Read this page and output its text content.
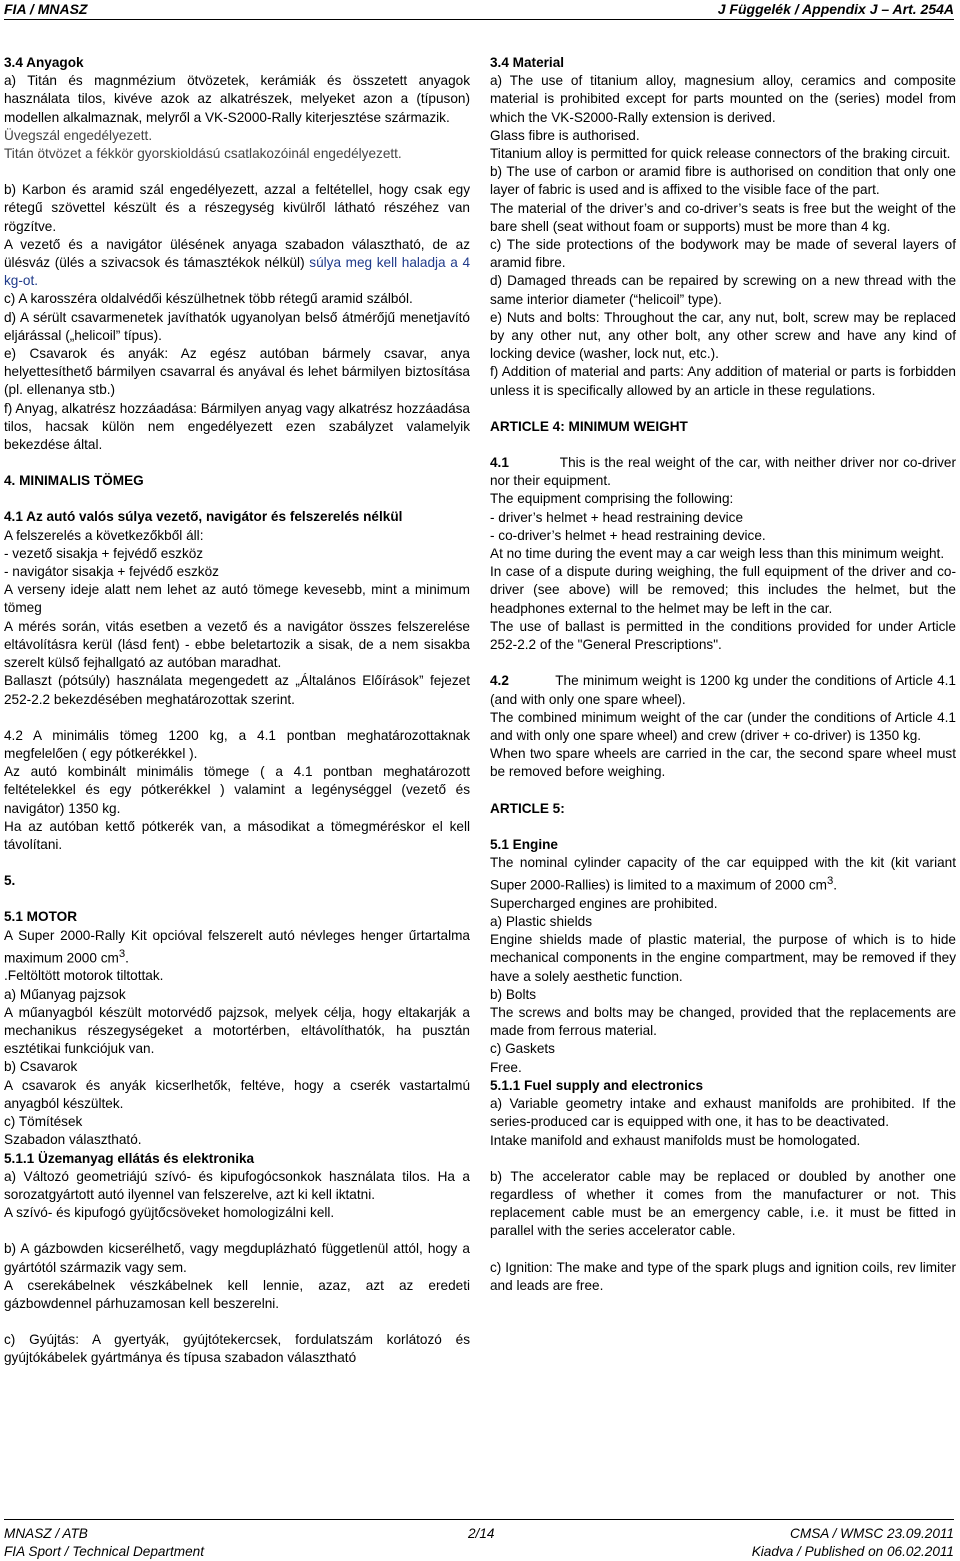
FIA / MNASZ	J Függelék / Appendix J – Art. 254A

3.4 Anyagok

a) Titán és magnmézium ötvözetek, kerámiák és összetett anyagok használata tilos, kivéve azok az alkatrészek, melyeket azon a (típuson) modellen alkalmaznak, melyről a VK-S2000-Rally kiterjesztése származik.

Üvegszál engedélyezett.

Titán ötvözet a fékkör gyorskioldású csatlakozóinál engedélyezett.

b) Karbon és aramid szál engedélyezett, azzal a feltétellel, hogy csak egy rétegű szövettel készült és a részegység kivülről látható részéhez van rögzítve.

A vezető és a navigátor ülésének anyaga szabadon választható, de az ülésváz (ülés a szivacsok és támasztékok nélkül) súlya meg kell haladja a 4 kg-ot.

c) A karosszéra oldalvédői készülhetnek több rétegű aramid szálból.

d) A sérült csavarmenetek javíthatók ugyanolyan belső átmérőjű menetjavító eljárással („helicoil” típus).

e) Csavarok és anyák: Az egész autóban bármely csavar, anya helyettesíthető bármilyen csavarral és anyával és lehet bármilyen biztosítása (pl. ellenanya stb.)

f) Anyag, alkatrész hozzáadása: Bármilyen anyag vagy alkatrész hozzáadása tilos, hacsak külön nem engedélyezett ezen szabályzet valamelyik bekezdése által.

4. MINIMALIS TÖMEG

4.1 Az autó valós súlya vezető, navigátor és felszerelés nélkül

A felszerelés a következőkből áll:

- vezető sisakja + fejvédő eszköz

- navigátor sisakja + fejvédő eszköz

A verseny ideje alatt nem lehet az autó tömege kevesebb, mint a minimum tömeg

A mérés során, vitás esetben a vezető és a navigátor összes felszerelése eltávolításra kerül (lásd fent) - ebbe beletartozik a sisak, de a nem sisakba szerelt külső fejhallgató az autóban maradhat.

Ballaszt (pótsúly) használata megengedett az „Általános Előírások” fejezet 252-2.2 bekezdésében meghatározottak szerint.

4.2 A minimális tömeg 1200 kg, a 4.1 pontban meghatározottaknak megfelelően ( egy pótkerékkel ).

Az autó kombinált minimális tömege ( a 4.1 pontban meghatározott feltételekkel és egy pótkerékkel ) valamint a legénységgel (vezető és navigátor) 1350 kg.

Ha az autóban kettő pótkerék van, a másodikat a tömegméréskor el kell távolítani.

5.

5.1 MOTOR

A Super 2000-Rally Kit opcióval felszerelt autó névleges henger űrtartalma maximum 2000 $cm^3$.

.Feltöltött motorok tiltottak.

a) Műanyag pajzsok

A műanyagból készült motorvédő pajzsok, melyek célja, hogy eltakarják a mechanikus részegységeket a motortérben, eltávolíthatók, ha pusztán esztétikai funkciójuk van.

b) Csavarok

A csavarok és anyák kicserlhetők, feltéve, hogy a cserék vastartalmú anyagból készültek.

c) Tömítések

Szabadon választható.

5.1.1 Üzemanyag ellátás és elektronika

a) Változó geometriájú szívó- és kipufogócsonkok használata tilos. Ha a sorozatgyártott autó ilyennel van felszerelve, azt ki kell iktatni.

A szívó- és kipufogó gyüjtőcsöveket homologizálni kell.

b) A gázbowden kicserélhető, vagy megduplázható függetlenül attól, hogy a gyártótól származik vagy sem.

A cserekábelnek vészkábelnek kell lennie, azaz, azt az eredeti gázbowdennel párhuzamosan kell beszerelni.

c) Gyújtás: A gyertyák, gyújtótekercsek, fordulatszám korlátozó és gyújtókábelek gyártmánya és típusa szabadon választható

3.4 Material

a) The use of titanium alloy, magnesium alloy, ceramics and composite material is prohibited except for parts mounted on the (series) model from which the VK-S2000-Rally extension is derived.

Glass fibre is authorised.

Titanium alloy is permitted for quick release connectors of the braking circuit.

b) The use of carbon or aramid fibre is authorised on condition that only one layer of fabric is used and is affixed to the visible face of the part.

The material of the driver’s and co-driver’s seats is free but the weight of the bare shell (seat without foam or supports) must be more than 4 kg.

c) The side protections of the bodywork may be made of several layers of aramid fibre.

d) Damaged threads can be repaired by screwing on a new thread with the same interior diameter (“helicoil” type).

e) Nuts and bolts: Throughout the car, any nut, bolt, screw may be replaced by any other nut, any other bolt, any other screw and have any kind of locking device (washer, lock nut, etc.).

f) Addition of material and parts: Any addition of material or parts is forbidden unless it is specifically allowed by an article in these regulations.

ARTICLE 4: MINIMUM WEIGHT

4.1	This is the real weight of the car, with neither driver nor co-driver nor their equipment.

The equipment comprising the following:

- driver’s helmet + head restraining device

- co-driver’s helmet + head restraining device.

At no time during the event may a car weigh less than this minimum weight.

In case of a dispute during weighing, the full equipment of the driver and co-driver (see above) will be removed; this includes the helmet, but the headphones external to the helmet may be left in the car.

The use of ballast is permitted in the conditions provided for under Article 252-2.2 of the "General Prescriptions".

4.2	The minimum weight is 1200 kg under the conditions of Article 4.1 (and with only one spare wheel).

The combined minimum weight of the car (under the conditions of Article 4.1 and with only one spare wheel) and crew (driver + co-driver) is 1350 kg.

When two spare wheels are carried in the car, the second spare wheel must be removed before weighing.

ARTICLE 5:

5.1 Engine

The nominal cylinder capacity of the car equipped with the kit (kit variant Super 2000-Rallies) is limited to a maximum of 2000 $cm^3$.

Supercharged engines are prohibited.

a) Plastic shields

Engine shields made of plastic material, the purpose of which is to hide mechanical components in the engine compartment, may be removed if they have a solely aesthetic function.

b) Bolts

The screws and bolts may be changed, provided that the replacements are made from ferrous material.

c) Gaskets

Free.

5.1.1 Fuel supply and electronics

a) Variable geometry intake and exhaust manifolds are prohibited. If the series-produced car is equipped with one, it has to be deactivated.

Intake manifold and exhaust manifolds must be homologated.

b) The accelerator cable may be replaced or doubled by another one regardless of whether it comes from the manufacturer or not. This replacement cable must be an emergency cable, i.e. it must be fitted in parallel with the series accelerator cable.

c) Ignition: The make and type of the spark plugs and ignition coils, rev limiter and leads are free.

MNASZ / ATB	2/14	CMSA / WMSC 23.09.2011
FIA Sport / Technical Department	Kiadva / Published on 06.02.2011
